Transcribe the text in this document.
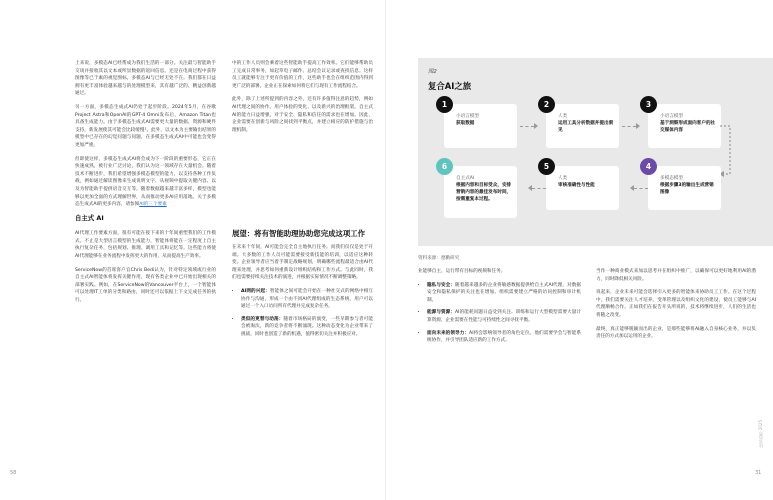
上来说，多模态AI已经帮成为我们生活的一部分。关注最与智能助手交谈并接收其以文本或所显数据的返回信息。还是在电商过程中获得图像等已于素的视觉图标，多模态AI与已经无处不在。我们都在日益拥有更丰富体验越来越与的处理模型来，其有越广泛的、精益创新越通过。

另一方面，多模态生成式AI仍处于起步阶段。2024年5月，在谷歌Project Astra和OpenAI的GPT-4 Omni发布后，Amazon Titan也具备生成能力。由于多模态生成式AI需要更大量的数据、资源和硬件支持，新发展使其可能会比较缓慢¹。此外，以文本为主要输出结果的模型中已存在的幻觉问题与问题，在多模态生成式AI中可能也会变得更加严重。

但即使这样，多模态生成式AI将会成为下一阶段的重要形态，它正在快速成熟，被行业广泛讨论，我们认为这一领域存在大量机会。随着技术不断进步，我们希望增强多模态模型的能力，以支持各种工作负载，例如通过解读图像来生成说明文字、从视频中提取关键内容、以及为智能助手提供语音交互等。随着数据越来越丰富多样，模型也能够以更加全面的方式理解世界，从而推动更多AI应用落地。关于多模态生成式AI的更多内容，请参阅AI的三个要素

自主式 AI

AI代理工作要素方面，很有可能在接下来的十年间重塑我们的工作模式。不止是大型语言模型的生成能力，智能体将能在一定程度上自主执行复杂任务，包括规划、推理、调用工具和记忆等。这些能力将使AI代理能够在业务流程中发挥更大的作用，从而提高生产效率。

ServiceNow的首席客户官Chris Bedi认为，针对特定领域或行业的自主式AI智能体将发挥关键作用，现有各类企业中已开始出现相关的部署实践。例如，在ServiceNow的Vancouver平台上，一个智能体可以处理IT工单的分类和路由，同时还可以依据上下文完成任务的执行。

中的工作人员则会乘着这些智能助手提高工作效率。它们能够帮助员工完成日常事务，如起草电子邮件、总结会议记录或查找信息。这样员工就能够专注于更有价值的工作，这些助手也会在组织范围内得到更广泛的部署。企业正在探索如何将它们与现有工作流程结合。

此外，除了上述所提到的内容之外，还有许多值得注意的趋势，例如AI代理之间的协作、用户体验的变化、以及新兴的治理框架。自主式AI的能力日益增强，对于安全、隐私和信任的需求也在增加。因此，企业需要在创新与风险之间找到平衡点，并建立相应的防护措施与治理机制。

展望：将有智能助理协助您完成这项工作

在未来十年间，AI可能会完全自主地执行任务。而我们仅仅是处于开端。大多数的工作人员可能需要接受新技能的培训，以适应这种转变。企业领导者应当着手制定战略规划，明确哪些流程最适合由AI代理来处理，并思考如何重新设计组织结构和工作方式。与此同时，我们也需要持续关注技术的演进，并根据实际情况不断调整策略。

• AI网的兴起：智能体之间可能会开始在一种社交式的网络中相互协作与沟通，形成一个由不同AI代理组成的生态系统，用户可以通过一个入口访问所有代理并完成复杂任务。
• 类似的更替与动荡：随着市场格局的演变，一些早期参与者可能会被淘汰，新的竞争者将不断涌现。这种动态变化为企业带来了挑战，同时也创造了新的机遇，值得密切关注并积极应对。
58
图2
复合AI之旅
1
小语言模型
获取数据
2
人类
运用工具分析数据并提出洞见
3
小语言模型
基于洞察形成面向客户的社交媒体内容
4
多模态模型
根据步骤3的输出生成营销图像
5
人类
审核准确性与性能
6
自主式AI
根据内容和目标受众，安排营销内容的最佳发布时间，按需重复本过程。
资料来源：德勤研究

业能够自主、运行带有目标的视频和任务。

• 隐私与安全：随着越来越多的企业将敏感数据提供给自主式AI代理，对数据安全和隐私保护的关注也在增加。组织需要建立严格的访问控制和审计机制。
• 能源与资源：AI的能耗问题日益受到关注。训练和运行大型模型需要大量计算资源，企业需要在性能与可持续性之间寻找平衡。
• 面向未来的领导力：AI将会影响领导者的角色定位。他们需要学会与智能系统协作，并引导团队适应新的工作方式。

当作一种商业模式来加以思考并在组织中推广，以确保可以更好地利用AI的潜力，同时降低相关风险。

说起来，企业未来可能会选择引入更多的智能体来协助员工工作。在这个过程中，我们需要关注人才培养、变革管理以及组织文化的建设，使员工能够与AI代理顺畅合作。正如我们在报告开头所说的，技术将继续进步，人们的生活也将随之改变。

最终，真正能够脱颖而出的企业，是那些能够将AI融入自身核心业务，并以负责任的方式加以运用的企业。

技术趋势 2025
31
